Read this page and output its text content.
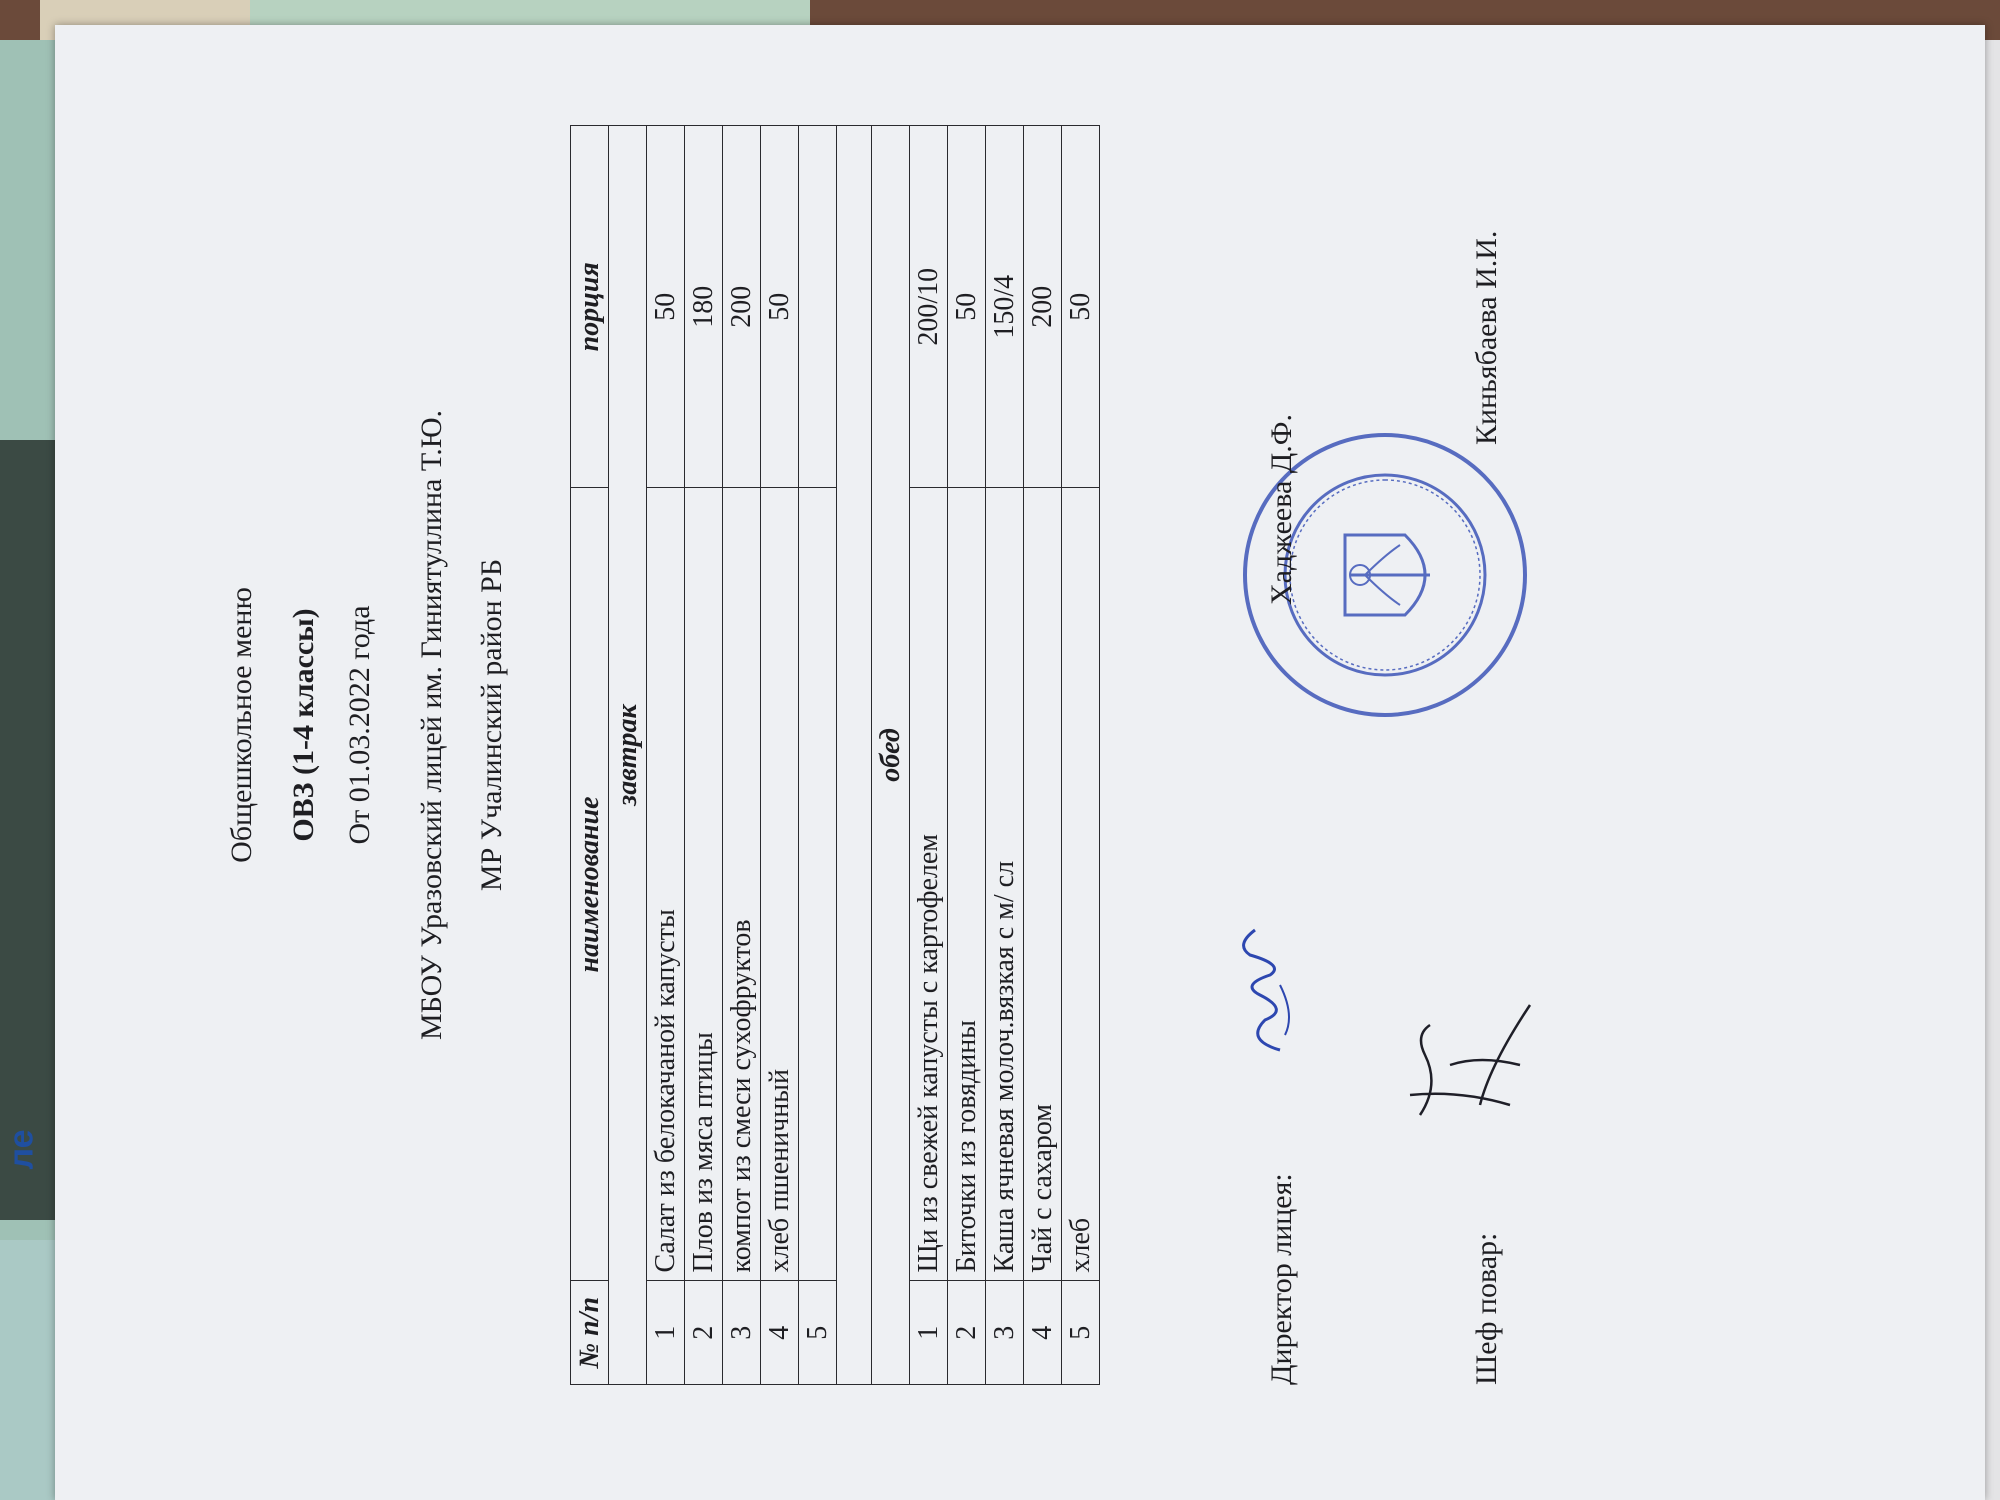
ле
Общешкольное меню ОВЗ (1-4 классы) От 01.03.2022 года МБОУ Уразовский лицей им. Гиниятуллина Т.Ю. МР Учалинский район РБ
№ п/п	наименование	порция
завтрак		
1	Салат из белокачаной капусты	50
2	Плов из мяса птицы	180
3	компот из смеси сухофруктов	200
4	хлеб пшеничный	50
5		

обед		
1	Щи из свежей капусты с картофелем	200/10
2	Биточки из говядины	50
3	Каша ячневая молоч.вязкая с м/ сл	150/4
4	Чай с сахаром	200
5	хлеб	50
Директор лицея:
Хаджеева Д.Ф.
Шеф повар:
Киньябаева И.И.
